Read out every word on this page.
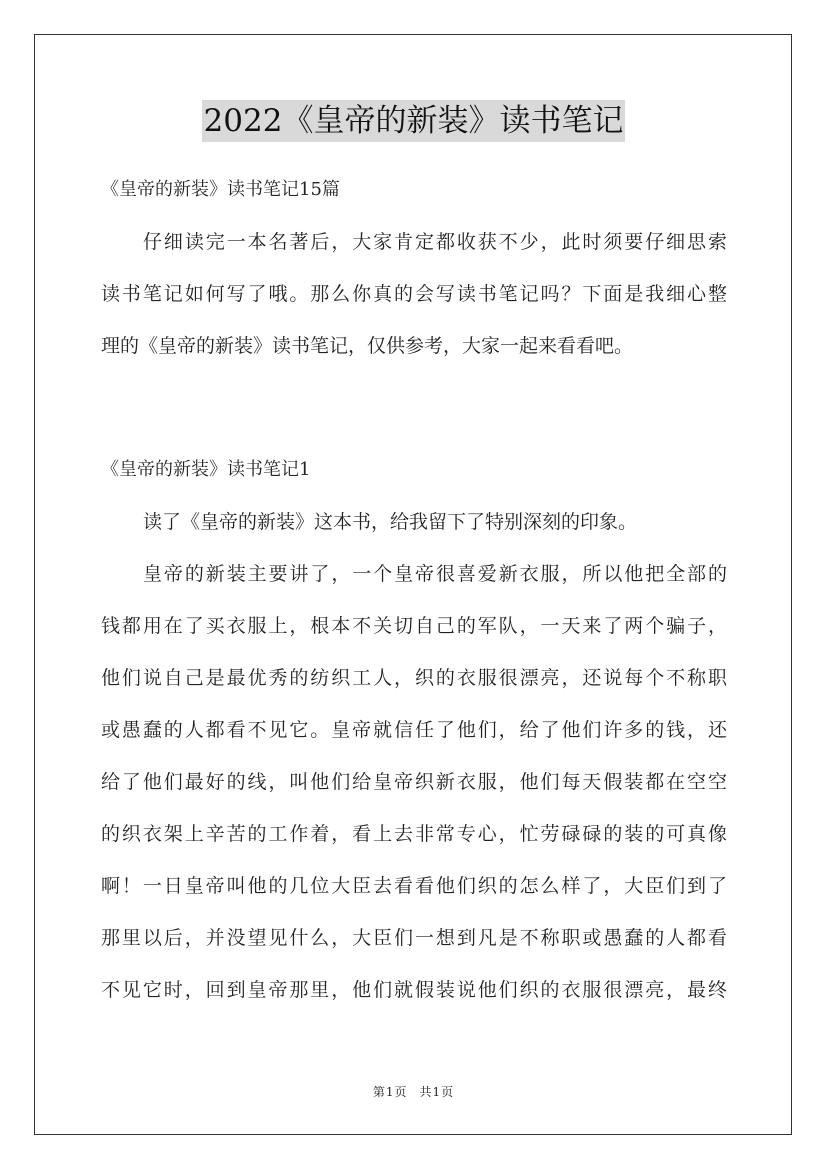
2022《皇帝的新装》读书笔记
《皇帝的新装》读书笔记15篇
仔细读完一本名著后，大家肯定都收获不少，此时须要仔细思索
读书笔记如何写了哦。那么你真的会写读书笔记吗？下面是我细心整
理的《皇帝的新装》读书笔记，仅供参考，大家一起来看看吧。
《皇帝的新装》读书笔记1
读了《皇帝的新装》这本书，给我留下了特别深刻的印象。
皇帝的新装主要讲了，一个皇帝很喜爱新衣服，所以他把全部的
钱都用在了买衣服上，根本不关切自己的军队，一天来了两个骗子，
他们说自己是最优秀的纺织工人，织的衣服很漂亮，还说每个不称职
或愚蠢的人都看不见它。皇帝就信任了他们，给了他们许多的钱，还
给了他们最好的线，叫他们给皇帝织新衣服，他们每天假装都在空空
的织衣架上辛苦的工作着，看上去非常专心，忙劳碌碌的装的可真像
啊！一日皇帝叫他的几位大臣去看看他们织的怎么样了，大臣们到了
那里以后，并没望见什么，大臣们一想到凡是不称职或愚蠢的人都看
不见它时，回到皇帝那里，他们就假装说他们织的衣服很漂亮，最终
第1页 共1页
